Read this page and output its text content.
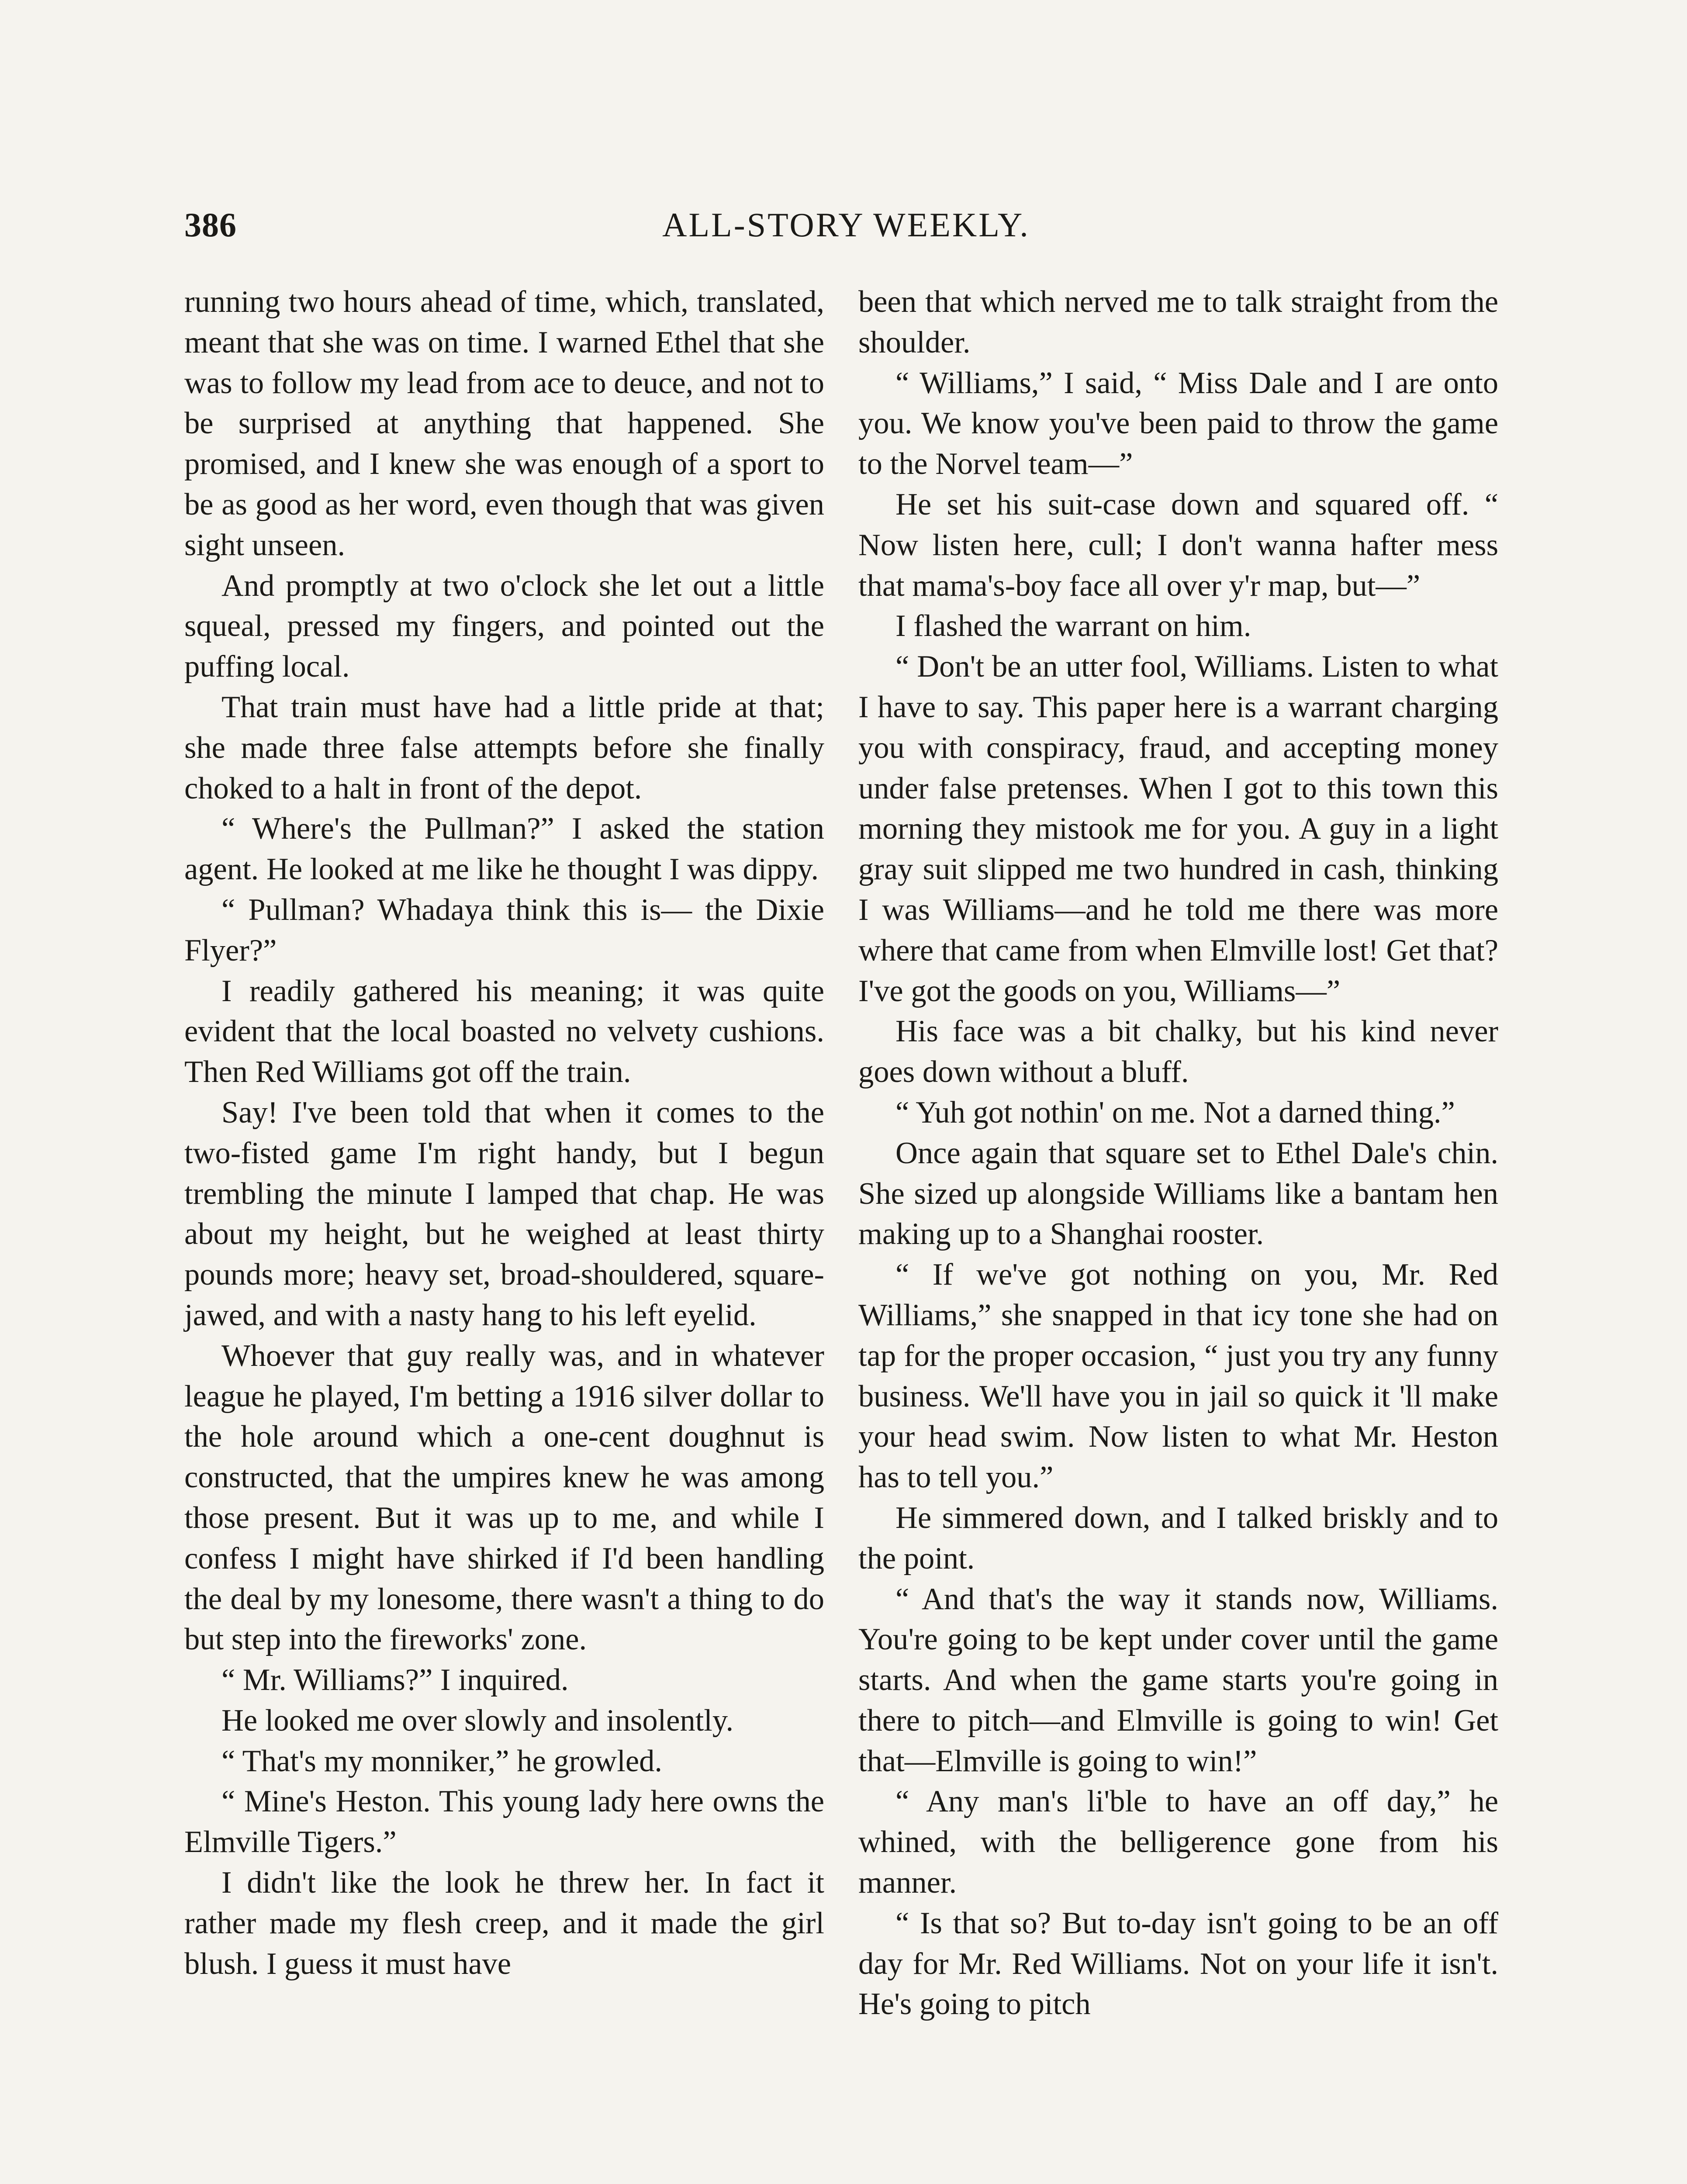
386	ALL-STORY WEEKLY.

running two hours ahead of time, which, translated, meant that she was on time. I warned Ethel that she was to follow my lead from ace to deuce, and not to be surprised at anything that happened. She promised, and I knew she was enough of a sport to be as good as her word, even though that was given sight unseen.

And promptly at two o'clock she let out a little squeal, pressed my fingers, and pointed out the puffing local.

That train must have had a little pride at that; she made three false attempts before she finally choked to a halt in front of the depot.

“ Where's the Pullman?” I asked the station agent. He looked at me like he thought I was dippy.

“ Pullman? Whadaya think this is— the Dixie Flyer?”

I readily gathered his meaning; it was quite evident that the local boasted no velvety cushions. Then Red Williams got off the train.

Say! I've been told that when it comes to the two-fisted game I'm right handy, but I begun trembling the minute I lamped that chap. He was about my height, but he weighed at least thirty pounds more; heavy set, broad-shouldered, square-jawed, and with a nasty hang to his left eyelid.

Whoever that guy really was, and in whatever league he played, I'm betting a 1916 silver dollar to the hole around which a one-cent doughnut is constructed, that the umpires knew he was among those present. But it was up to me, and while I confess I might have shirked if I'd been handling the deal by my lonesome, there wasn't a thing to do but step into the fireworks' zone.

“ Mr. Williams?” I inquired.

He looked me over slowly and insolently.

“ That's my monniker,” he growled.

“ Mine's Heston. This young lady here owns the Elmville Tigers.”

I didn't like the look he threw her. In fact it rather made my flesh creep, and it made the girl blush. I guess it must have

been that which nerved me to talk straight from the shoulder.

“ Williams,” I said, “ Miss Dale and I are onto you. We know you've been paid to throw the game to the Norvel team—”

He set his suit-case down and squared off. “ Now listen here, cull; I don't wanna hafter mess that mama's-boy face all over y'r map, but—”

I flashed the warrant on him.

“ Don't be an utter fool, Williams. Listen to what I have to say. This paper here is a warrant charging you with conspiracy, fraud, and accepting money under false pretenses. When I got to this town this morning they mistook me for you. A guy in a light gray suit slipped me two hundred in cash, thinking I was Williams—and he told me there was more where that came from when Elmville lost! Get that? I've got the goods on you, Williams—”

His face was a bit chalky, but his kind never goes down without a bluff.

“ Yuh got nothin' on me. Not a darned thing.”

Once again that square set to Ethel Dale's chin. She sized up alongside Williams like a bantam hen making up to a Shanghai rooster.

“ If we've got nothing on you, Mr. Red Williams,” she snapped in that icy tone she had on tap for the proper occasion, “ just you try any funny business. We'll have you in jail so quick it 'll make your head swim. Now listen to what Mr. Heston has to tell you.”

He simmered down, and I talked briskly and to the point.

“ And that's the way it stands now, Williams. You're going to be kept under cover until the game starts. And when the game starts you're going in there to pitch—and Elmville is going to win! Get that—Elmville is going to win!”

“ Any man's li'ble to have an off day,” he whined, with the belligerence gone from his manner.

“ Is that so? But to-day isn't going to be an off day for Mr. Red Williams. Not on your life it isn't. He's going to pitch
